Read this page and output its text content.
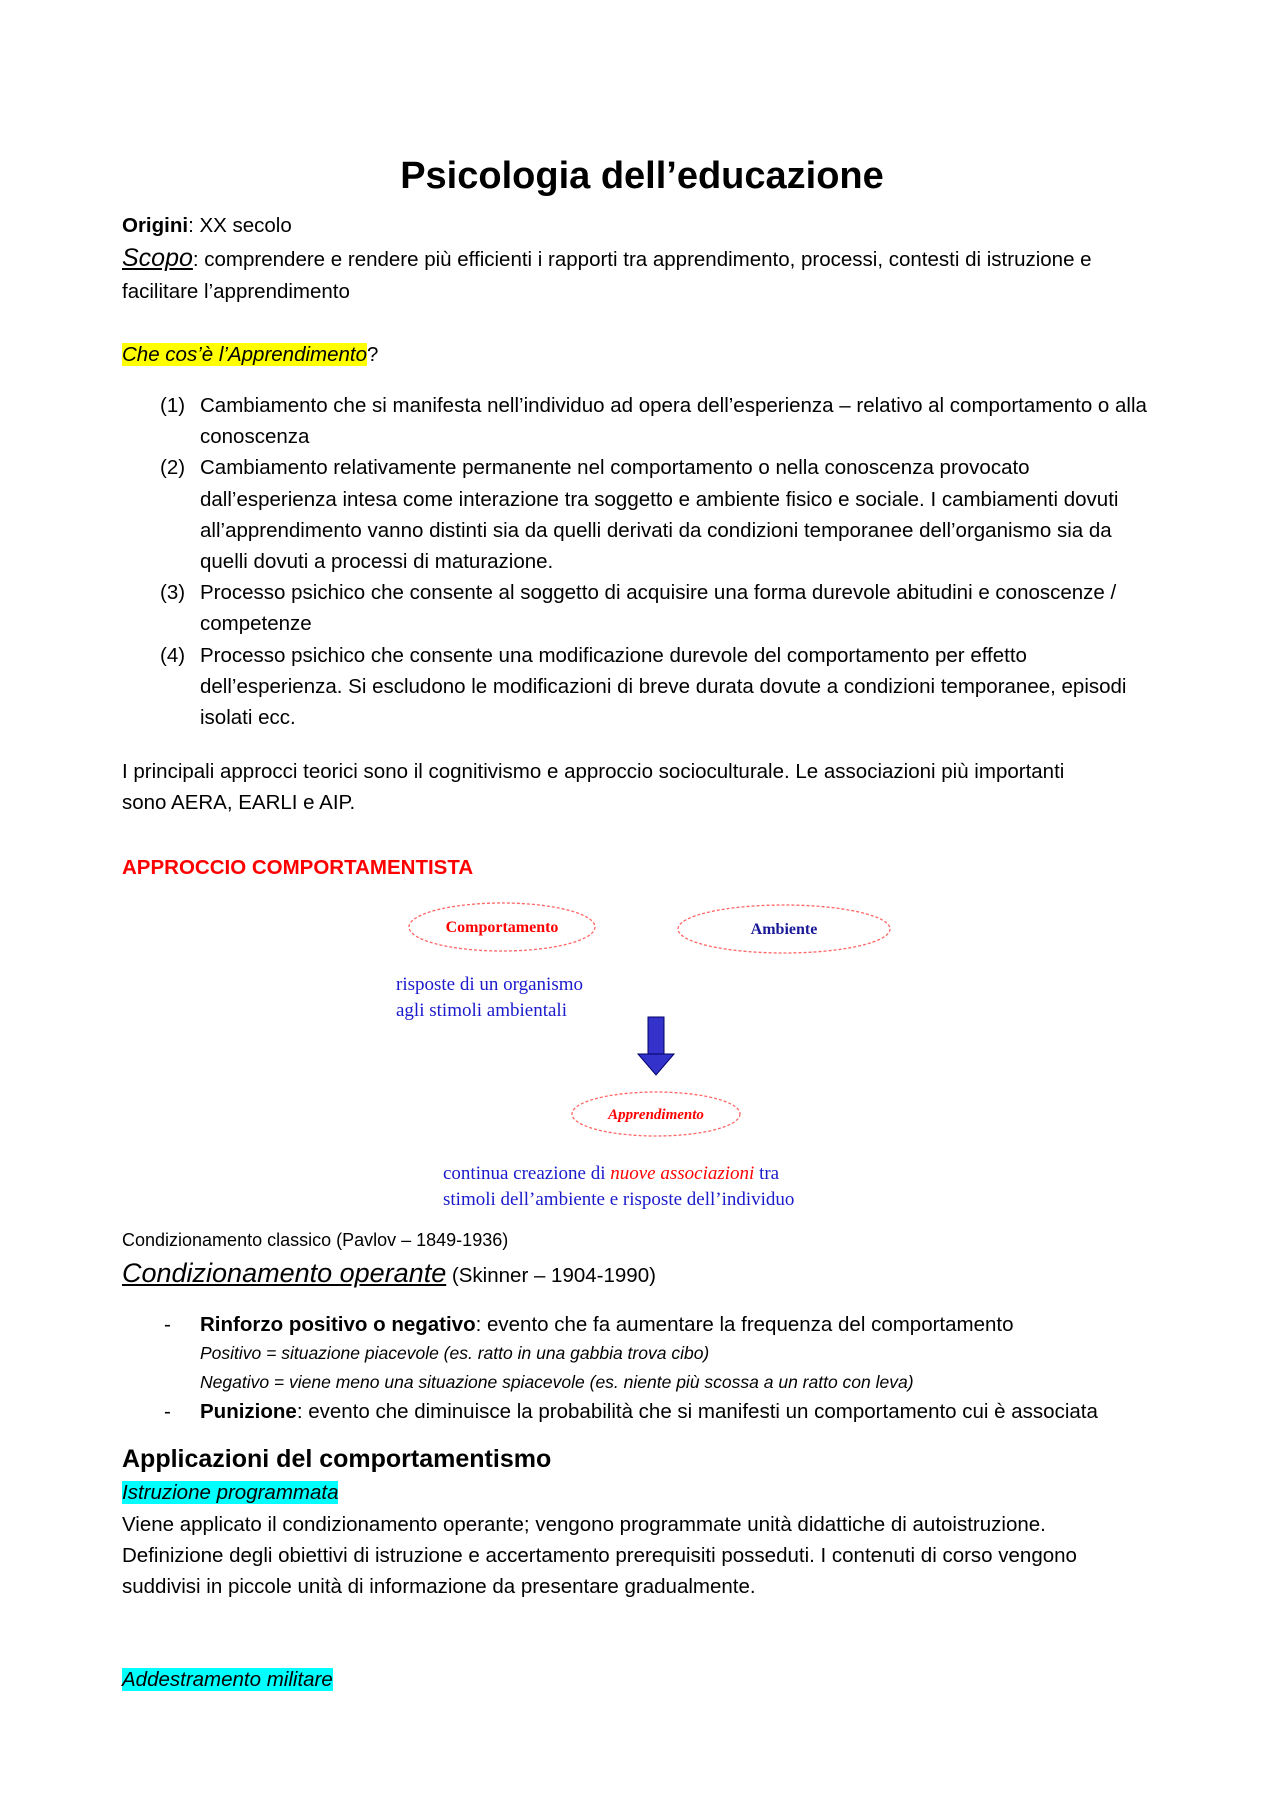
Psicologia dell’educazione
Origini: XX secolo
Scopo: comprendere e rendere più efficienti i rapporti tra apprendimento, processi, contesti di istruzione e
facilitare l’apprendimento
Che cos’è l’Apprendimento?
(1) Cambiamento che si manifesta nell’individuo ad opera dell’esperienza – relativo al comportamento o alla conoscenza
(2) Cambiamento relativamente permanente nel comportamento o nella conoscenza provocato dall’esperienza intesa come interazione tra soggetto e ambiente fisico e sociale. I cambiamenti dovuti all’apprendimento vanno distinti sia da quelli derivati da condizioni temporanee dell’organismo sia da quelli dovuti a processi di maturazione.
(3) Processo psichico che consente al soggetto di acquisire una forma durevole abitudini e conoscenze / competenze
(4) Processo psichico che consente una modificazione durevole del comportamento per effetto dell’esperienza. Si escludono le modificazioni di breve durata dovute a condizioni temporanee, episodi isolati ecc.
I principali approcci teorici sono il cognitivismo e approccio socioculturale. Le associazioni più importanti
sono AERA, EARLI e AIP.
APPROCCIO COMPORTAMENTISTA
Condizionamento classico (Pavlov – 1849-1936)
Condizionamento operante (Skinner – 1904-1990)
- Rinforzo positivo o negativo: evento che fa aumentare la frequenza del comportamento
Positivo = situazione piacevole (es. ratto in una gabbia trova cibo)
Negativo = viene meno una situazione spiacevole (es. niente più scossa a un ratto con leva)
- Punizione: evento che diminuisce la probabilità che si manifesti un comportamento cui è associata
Applicazioni del comportamentismo
Istruzione programmata
Viene applicato il condizionamento operante; vengono programmate unità didattiche di autoistruzione.
Definizione degli obiettivi di istruzione e accertamento prerequisiti posseduti. I contenuti di corso vengono
suddivisi in piccole unità di informazione da presentare gradualmente.
Addestramento militare
Comportamento	Ambiente
risposte di un organismo
agli stimoli ambientali
Apprendimento
continua creazione di nuove associazioni tra
stimoli dell’ambiente e risposte dell’individuo
